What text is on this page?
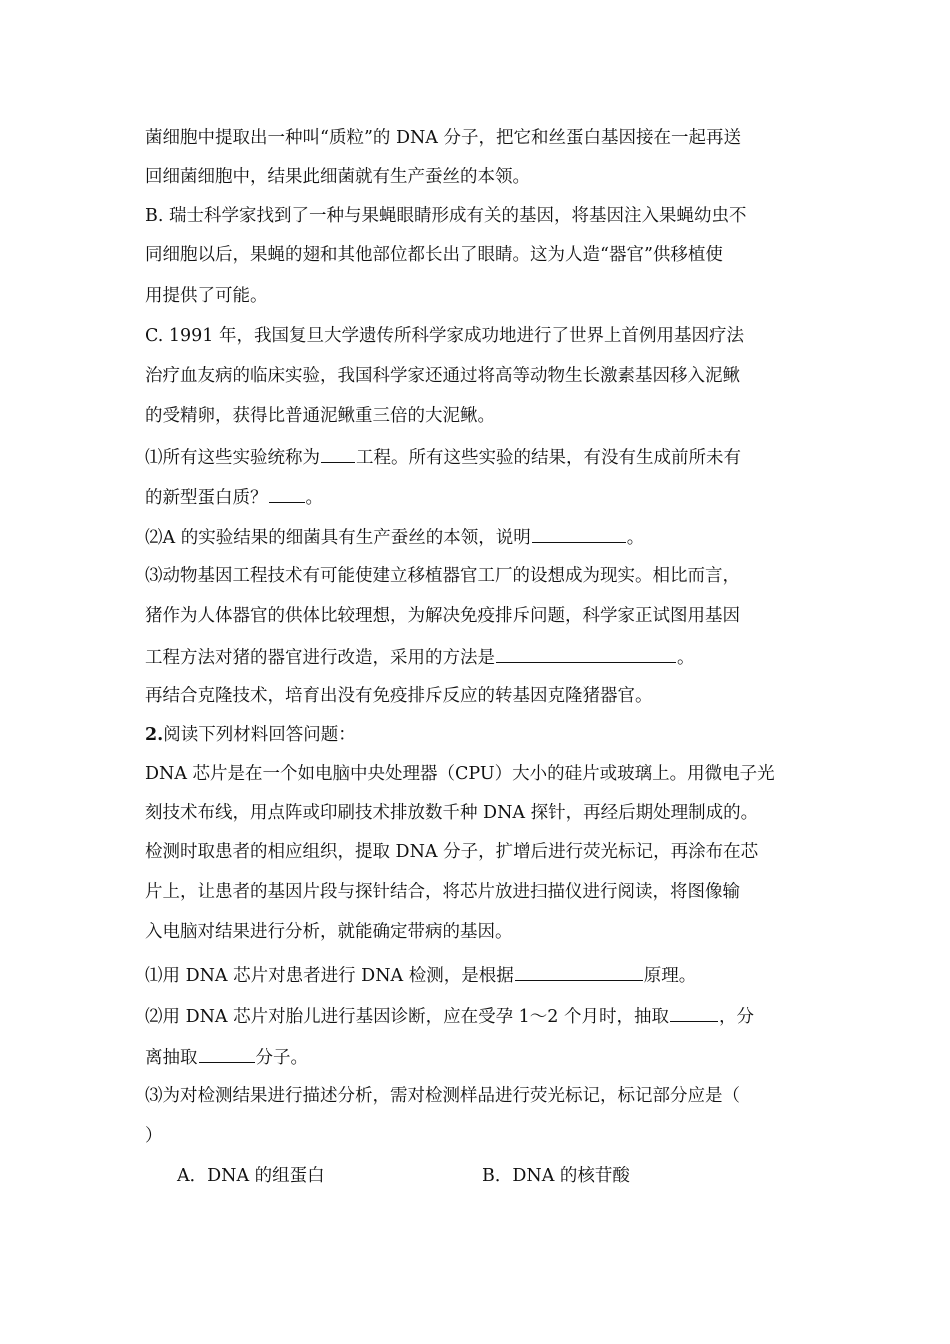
菌细胞中提取出一种叫“质粒”的 DNA 分子，把它和丝蛋白基因接在一起再送
回细菌细胞中，结果此细菌就有生产蚕丝的本领。
B. 瑞士科学家找到了一种与果蝇眼睛形成有关的基因，将基因注入果蝇幼虫不
同细胞以后，果蝇的翅和其他部位都长出了眼睛。这为人造“器官”供移植使
用提供了可能。
C. 1991 年，我国复旦大学遗传所科学家成功地进行了世界上首例用基因疗法
治疗血友病的临床实验，我国科学家还通过将高等动物生长激素基因移入泥鳅
的受精卵，获得比普通泥鳅重三倍的大泥鳅。
⑴所有这些实验统称为 工程。所有这些实验的结果，有没有生成前所未有
的新型蛋白质？ 。
⑵A 的实验结果的细菌具有生产蚕丝的本领，说明	。
⑶动物基因工程技术有可能使建立移植器官工厂的设想成为现实。相比而言，
猪作为人体器官的供体比较理想，为解决免疫排斥问题，科学家正试图用基因
工程方法对猪的器官进行改造，采用的方法是	。
再结合克隆技术，培育出没有免疫排斥反应的转基因克隆猪器官。
2.阅读下列材料回答问题：
DNA 芯片是在一个如电脑中央处理器（CPU）大小的硅片或玻璃上。用微电子光
刻技术布线，用点阵或印刷技术排放数千种 DNA 探针，再经后期处理制成的。
检测时取患者的相应组织，提取 DNA 分子，扩增后进行荧光标记，再涂布在芯
片上，让患者的基因片段与探针结合，将芯片放进扫描仪进行阅读，将图像输
入电脑对结果进行分析，就能确定带病的基因。
⑴用 DNA 芯片对患者进行 DNA 检测，是根据	原理。
⑵用 DNA 芯片对胎儿进行基因诊断，应在受孕 1～2 个月时，抽取	，分
离抽取	分子。
⑶为对检测结果进行描述分析，需对检测样品进行荧光标记，标记部分应是（
）
A．DNA 的组蛋白	B．DNA 的核苷酸
